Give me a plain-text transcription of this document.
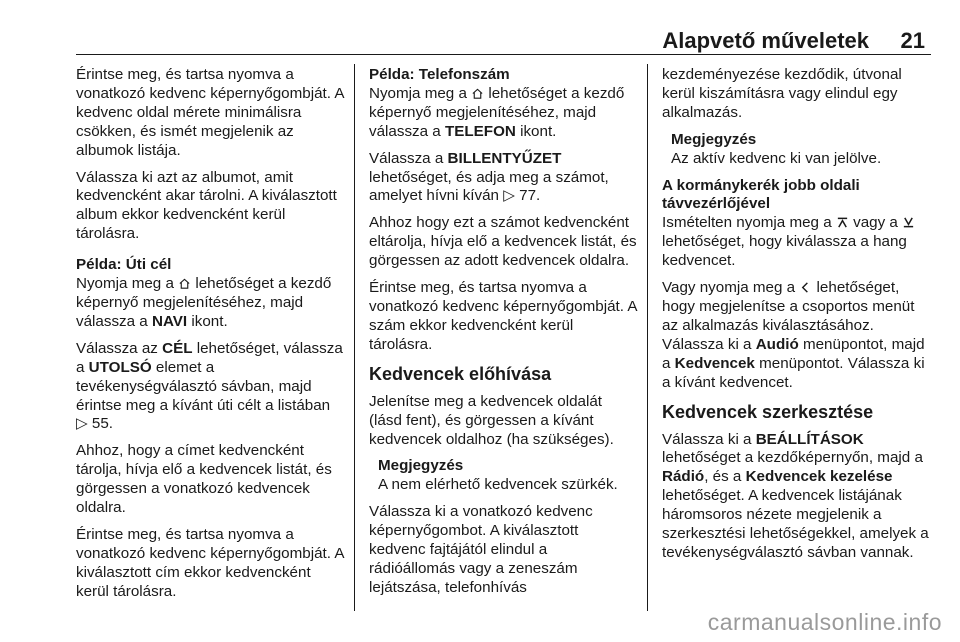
Alapvető műveletek 21

Érintse meg, és tartsa nyomva a vonatkozó kedvenc képernyőgombját. A kedvenc oldal mérete minimálisra csökken, és ismét megjelenik az albumok listája.

Válassza ki azt az albumot, amit kedvencként akar tárolni. A kiválasztott album ekkor kedvencként kerül tárolásra.

Példa: Úti cél

Nyomja meg a  lehetőséget a kezdő képernyő megjelenítéséhez, majd válassza a NAVI ikont.

Válassza az CÉL lehetőséget, válassza a UTOLSÓ elemet a tevékenységválasztó sávban, majd érintse meg a kívánt úti célt a listában ▷ 55.

Ahhoz, hogy a címet kedvencként tárolja, hívja elő a kedvencek listát, és görgessen a vonatkozó kedvencek oldalra.

Érintse meg, és tartsa nyomva a vonatkozó kedvenc képernyőgombját. A kiválasztott cím ekkor kedvencként kerül tárolásra.

Példa: Telefonszám

Nyomja meg a  lehetőséget a kezdő képernyő megjelenítéséhez, majd válassza a TELEFON ikont.

Válassza a BILLENTYŰZET lehetőséget, és adja meg a számot, amelyet hívni kíván ▷ 77.

Ahhoz hogy ezt a számot kedvencként eltárolja, hívja elő a kedvencek listát, és görgessen az adott kedvencek oldalra.

Érintse meg, és tartsa nyomva a vonatkozó kedvenc képernyőgombját. A szám ekkor kedvencként kerül tárolásra.

Kedvencek előhívása

Jelenítse meg a kedvencek oldalát (lásd fent), és görgessen a kívánt kedvencek oldalhoz (ha szükséges).

Megjegyzés
A nem elérhető kedvencek szürkék.

Válassza ki a vonatkozó kedvenc képernyőgombot. A kiválasztott kedvenc fajtájától elindul a rádióállomás vagy a zeneszám lejátszása, telefonhívás

kezdeményezése kezdődik, útvonal kerül kiszámításra vagy elindul egy alkalmazás.

Megjegyzés
Az aktív kedvenc ki van jelölve.

A kormánykerék jobb oldali távvezérlőjével

Ismételten nyomja meg a  vagy a  lehetőséget, hogy kiválassza a hang kedvencet.

Vagy nyomja meg a  lehetőséget, hogy megjelenítse a csoportos menüt az alkalmazás kiválasztásához. Válassza ki a Audió menüpontot, majd a Kedvencek menüpontot. Válassza ki a kívánt kedvencet.

Kedvencek szerkesztése

Válassza ki a BEÁLLÍTÁSOK lehetőséget a kezdőképernyőn, majd a Rádió, és a Kedvencek kezelése lehetőséget. A kedvencek listájának háromsoros nézete megjelenik a szerkesztési lehetőségekkel, amelyek a tevékenységválasztó sávban vannak.

carmanualsonline.info
